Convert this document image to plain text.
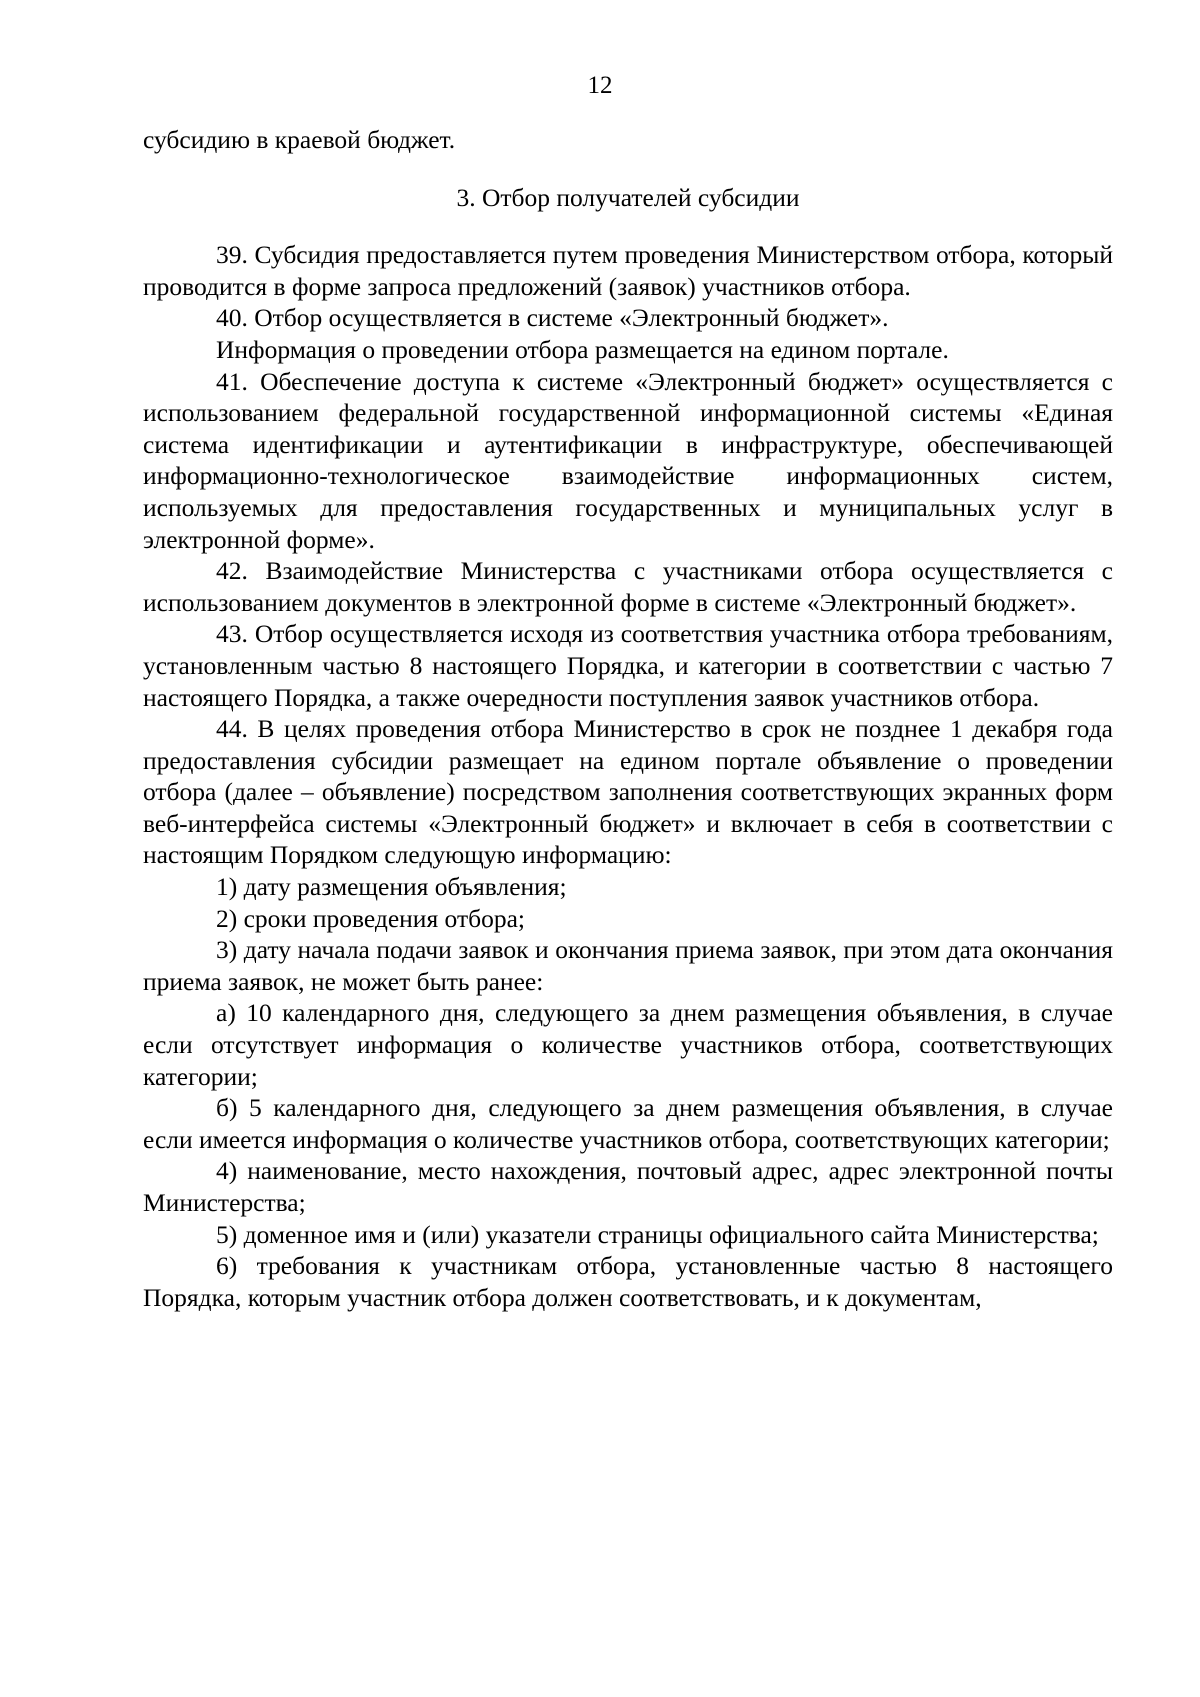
12

субсидию в краевой бюджет.

3. Отбор получателей субсидии

39. Субсидия предоставляется путем проведения Министерством отбора, который проводится в форме запроса предложений (заявок) участников отбора.

40. Отбор осуществляется в системе «Электронный бюджет».

Информация о проведении отбора размещается на едином портале.

41. Обеспечение доступа к системе «Электронный бюджет» осуществляется с использованием федеральной государственной информационной системы «Единая система идентификации и аутентификации в инфраструктуре, обеспечивающей информационно-технологическое взаимодействие информационных систем, используемых для предоставления государственных и муниципальных услуг в электронной форме».

42. Взаимодействие Министерства с участниками отбора осуществляется с использованием документов в электронной форме в системе «Электронный бюджет».

43. Отбор осуществляется исходя из соответствия участника отбора требованиям, установленным частью 8 настоящего Порядка, и категории в соответствии с частью 7 настоящего Порядка, а также очередности поступления заявок участников отбора.

44. В целях проведения отбора Министерство в срок не позднее 1 декабря года предоставления субсидии размещает на едином портале объявление о проведении отбора (далее – объявление) посредством заполнения соответствующих экранных форм веб-интерфейса системы «Электронный бюджет» и включает в себя в соответствии с настоящим Порядком следующую информацию:

1) дату размещения объявления;

2) сроки проведения отбора;

3) дату начала подачи заявок и окончания приема заявок, при этом дата окончания приема заявок, не может быть ранее:

а) 10 календарного дня, следующего за днем размещения объявления, в случае если отсутствует информация о количестве участников отбора, соответствующих категории;

б) 5 календарного дня, следующего за днем размещения объявления, в случае если имеется информация о количестве участников отбора, соответствующих категории;

4) наименование, место нахождения, почтовый адрес, адрес электронной почты Министерства;

5) доменное имя и (или) указатели страницы официального сайта Министерства;

6) требования к участникам отбора, установленные частью 8 настоящего Порядка, которым участник отбора должен соответствовать, и к документам,
